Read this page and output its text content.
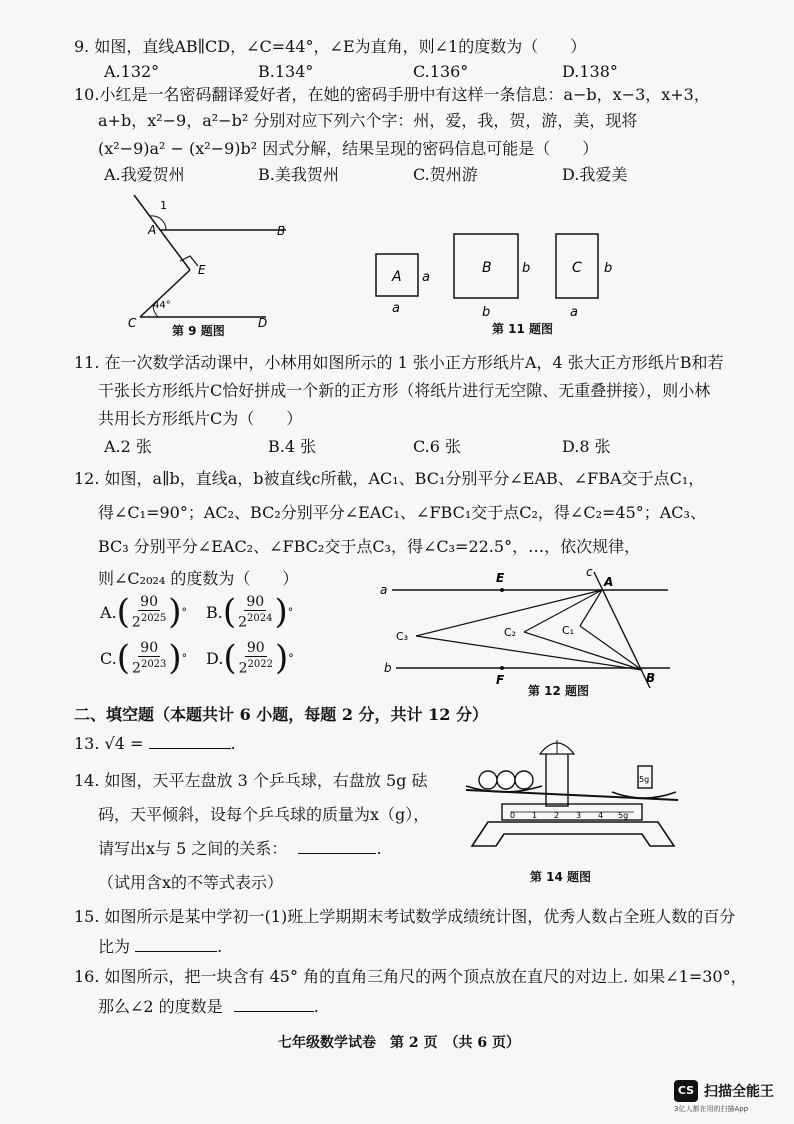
9. 如图，直线AB∥CD，∠C=44°，∠E为直角，则∠1的度数为（　　）
A.132°	B.134°	C.136°	D.138°
10.小红是一名密码翻译爱好者，在她的密码手册中有这样一条信息：a−b，x−3，x+3，
a+b，x²−9，a²−b² 分别对应下列六个字：州，爱，我，贺，游，美，现将
(x²−9)a² − (x²−9)b² 因式分解，结果呈现的密码信息可能是（　　）
A.我爱贺州	B.美我贺州	C.贺州游	D.我爱美
1
A	B
E
C	D
44°
第 9 题图
A a
a
B b
b
C b
a
第 11 题图
11. 在一次数学活动课中，小林用如图所示的 1 张小正方形纸片A，4 张大正方形纸片B和若
干张长方形纸片C恰好拼成一个新的正方形（将纸片进行无空隙、无重叠拼接），则小林
共用长方形纸片C为（　　）
A.2 张	B.4 张	C.6 张	D.8 张
12. 如图，a∥b，直线a，b被直线c所截，AC₁、BC₁分别平分∠EAB、∠FBA交于点C₁，
得∠C₁=90°；AC₂、BC₂分别平分∠EAC₁、∠FBC₁交于点C₂，得∠C₂=45°；AC₃、
BC₃ 分别平分∠EAC₂、∠FBC₂交于点C₃，得∠C₃=22.5°，…，依次规律，
则∠C₂₀₂₄ 的度数为（　　）
A. ( $\frac{90}{2^{2025}}$ ) ° B. ( $\frac{90}{2^{2024}}$ ) °
C. ( $\frac{90}{2^{2023}}$ ) ° D. ( $\frac{90}{2^{2022}}$ ) °
a
b
c
E	A
F	B
C₁
C₂
C₃
第 12 题图
二、填空题（本题共计 6 小题，每题 2 分，共计 12 分）
13. √4 =	.
14. 如图，天平左盘放 3 个乒乓球，右盘放 5g 砝
码，天平倾斜，设每个乒乓球的质量为x（g），
请写出x与 5 之间的关系：	.
（试用含x的不等式表示）
5g
0 1 2 3 4 5g
第 14 题图
15. 如图所示是某中学初一(1)班上学期期末考试数学成绩统计图，优秀人数占全班人数的百分
比为	.
16. 如图所示，把一块含有 45° 角的直角三角尺的两个顶点放在直尺的对边上. 如果∠1=30°，
那么∠2 的度数是	.
七年级数学试卷　第 2 页　（共 6 页）
CS 扫描全能王
3亿人都在用的扫描App
